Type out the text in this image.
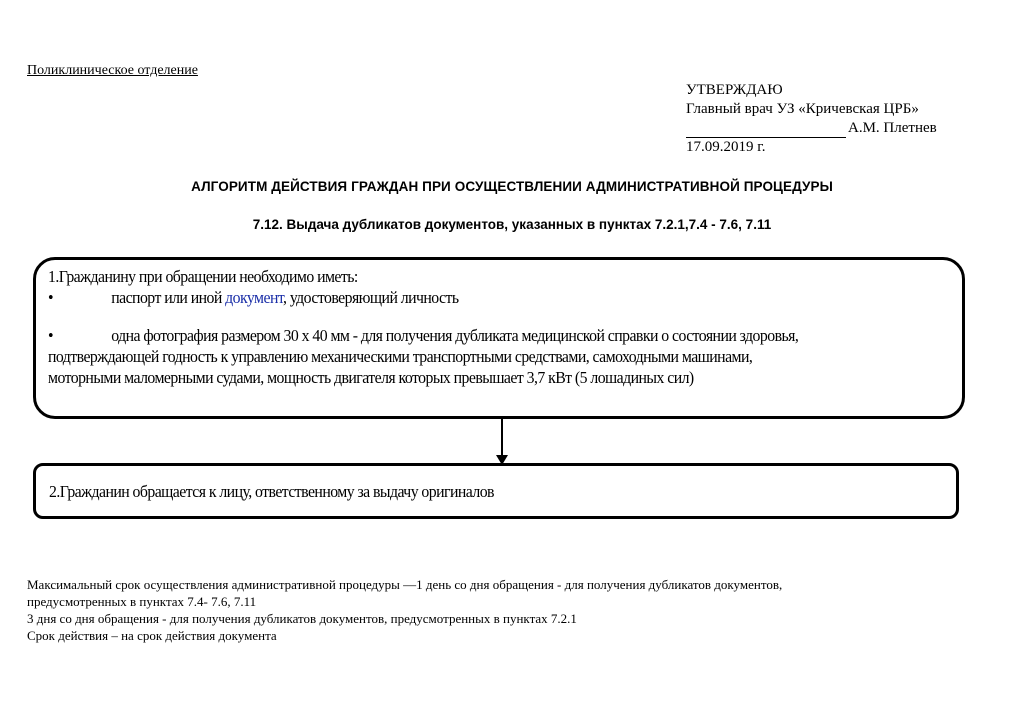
Поликлиническое отделение
УТВЕРЖДАЮ
Главный врач УЗ «Кричевская ЦРБ»
А.М. Плетнев
17.09.2019 г.
АЛГОРИТМ ДЕЙСТВИЯ ГРАЖДАН ПРИ ОСУЩЕСТВЛЕНИИ АДМИНИСТРАТИВНОЙ ПРОЦЕДУРЫ
7.12. Выдача дубликатов документов, указанных в пунктах 7.2.1,7.4 - 7.6, 7.11
1.Гражданину при обращении необходимо иметь:
•	паспорт или иной документ, удостоверяющий личность
•	одна фотография размером 30 х 40 мм - для получения дубликата медицинской справки о состоянии здоровья,
подтверждающей годность к управлению механическими транспортными средствами, самоходными машинами,
моторными маломерными судами, мощность двигателя которых превышает 3,7 кВт (5 лошадиных сил)
2.Гражданин обращается к лицу, ответственному за выдачу оригиналов
Максимальный срок осуществления административной процедуры —1 день со дня обращения - для получения дубликатов документов,
предусмотренных в пунктах 7.4- 7.6, 7.11
3 дня со дня обращения - для получения дубликатов документов, предусмотренных в пунктах 7.2.1
Срок действия – на срок действия документа
